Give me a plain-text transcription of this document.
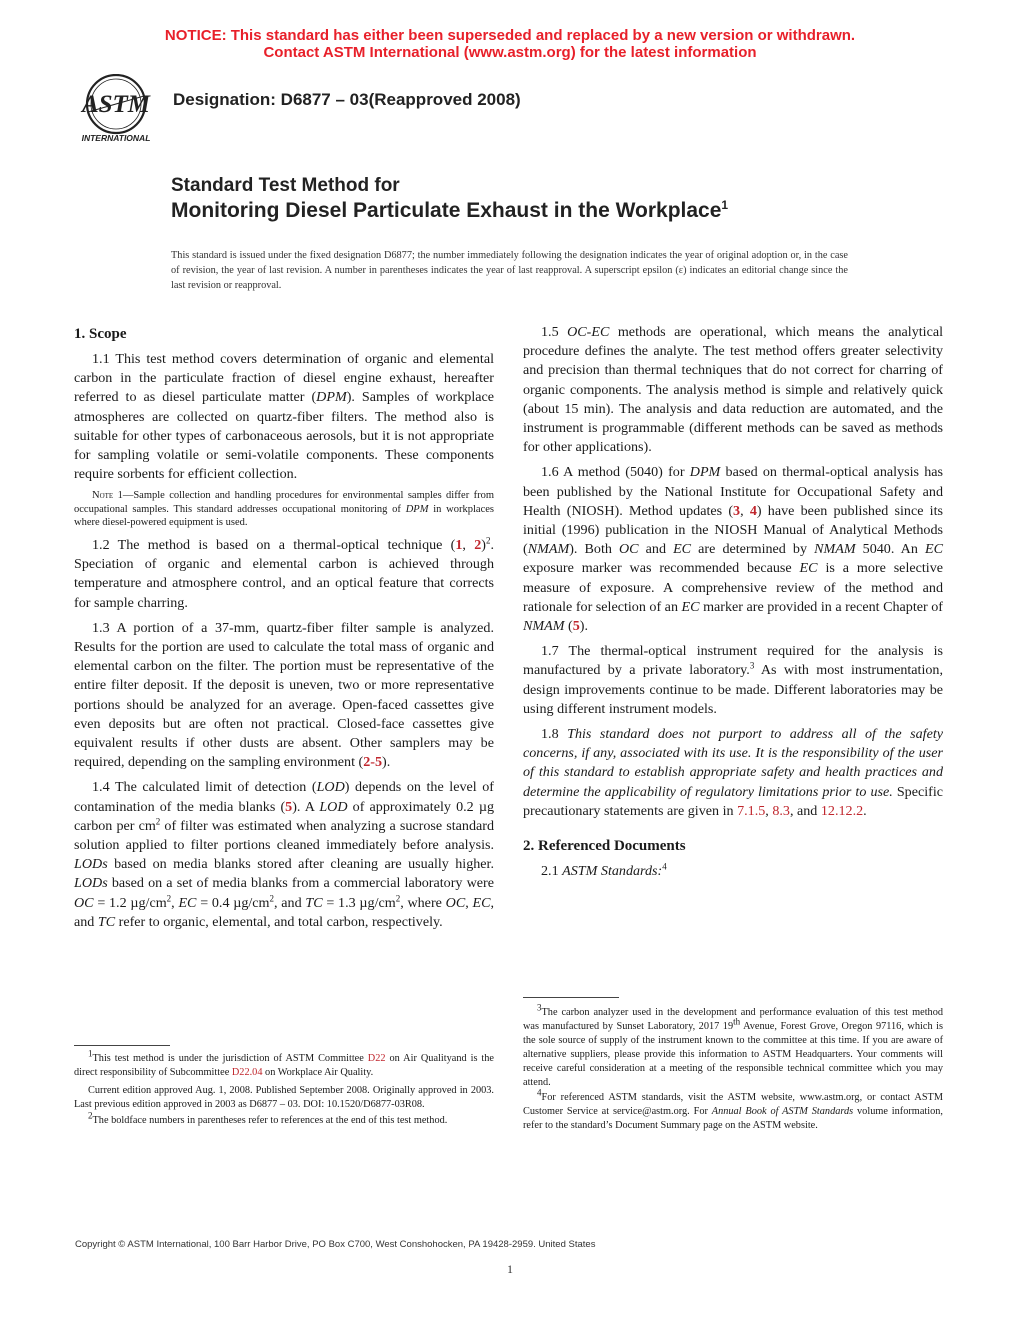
NOTICE: This standard has either been superseded and replaced by a new version or withdrawn.
Contact ASTM International (www.astm.org) for the latest information
ASTM
INTERNATIONAL
Designation: D6877 – 03(Reapproved 2008)
Standard Test Method for
Monitoring Diesel Particulate Exhaust in the Workplace$^1$
This standard is issued under the fixed designation D6877; the number immediately following the designation indicates the year of original adoption or, in the case of revision, the year of last revision. A number in parentheses indicates the year of last reapproval. A superscript epsilon (ε) indicates an editorial change since the last revision or reapproval.
1. Scope

1.1 This test method covers determination of organic and elemental carbon in the particulate fraction of diesel engine exhaust, hereafter referred to as diesel particulate matter (DPM). Samples of workplace atmospheres are collected on quartz-fiber filters. The method also is suitable for other types of carbonaceous aerosols, but it is not appropriate for sampling volatile or semi-volatile components. These components require sorbents for efficient collection.

Note 1—Sample collection and handling procedures for environmental samples differ from occupational samples. This standard addresses occupational monitoring of DPM in workplaces where diesel-powered equipment is used.

1.2 The method is based on a thermal-optical technique (1, 2)$^2$. Speciation of organic and elemental carbon is achieved through temperature and atmosphere control, and an optical feature that corrects for sample charring.

1.3 A portion of a 37-mm, quartz-fiber filter sample is analyzed. Results for the portion are used to calculate the total mass of organic and elemental carbon on the filter. The portion must be representative of the entire filter deposit. If the deposit is uneven, two or more representative portions should be analyzed for an average. Open-faced cassettes give even deposits but are often not practical. Closed-face cassettes give equivalent results if other dusts are absent. Other samplers may be required, depending on the sampling environment (2-5).

1.4 The calculated limit of detection (LOD) depends on the level of contamination of the media blanks (5). A LOD of approximately 0.2 µg carbon per $cm^2$ of filter was estimated when analyzing a sucrose standard solution applied to filter portions cleaned immediately before analysis. LODs based on media blanks stored after cleaning are usually higher. LODs based on a set of media blanks from a commercial laboratory were OC = 1.2 $\mu g/cm^2$, EC = 0.4 $\mu g/cm^2$, and TC = 1.3 $\mu g/cm^2$, where OC, EC, and TC refer to organic, elemental, and total carbon, respectively.

$^1$This test method is under the jurisdiction of ASTM Committee D22 on Air Qualityand is the direct responsibility of Subcommittee D22.04 on Workplace Air Quality.

Current edition approved Aug. 1, 2008. Published September 2008. Originally approved in 2003. Last previous edition approved in 2003 as D6877 – 03. DOI: 10.1520/D6877-03R08.

$^2$The boldface numbers in parentheses refer to references at the end of this test method.

1.5 OC-EC methods are operational, which means the analytical procedure defines the analyte. The test method offers greater selectivity and precision than thermal techniques that do not correct for charring of organic components. The analysis method is simple and relatively quick (about 15 min). The analysis and data reduction are automated, and the instrument is programmable (different methods can be saved as methods for other applications).

1.6 A method (5040) for DPM based on thermal-optical analysis has been published by the National Institute for Occupational Safety and Health (NIOSH). Method updates (3, 4) have been published since its initial (1996) publication in the NIOSH Manual of Analytical Methods (NMAM). Both OC and EC are determined by NMAM 5040. An EC exposure marker was recommended because EC is a more selective measure of exposure. A comprehensive review of the method and rationale for selection of an EC marker are provided in a recent Chapter of NMAM (5).

1.7 The thermal-optical instrument required for the analysis is manufactured by a private laboratory.$^3$ As with most instrumentation, design improvements continue to be made. Different laboratories may be using different instrument models.

1.8 This standard does not purport to address all of the safety concerns, if any, associated with its use. It is the responsibility of the user of this standard to establish appropriate safety and health practices and determine the applicability of regulatory limitations prior to use. Specific precautionary statements are given in 7.1.5, 8.3, and 12.12.2.

2. Referenced Documents

2.1 ASTM Standards:$^4$

$^3$The carbon analyzer used in the development and performance evaluation of this test method was manufactured by Sunset Laboratory, 2017 19th Avenue, Forest Grove, Oregon 97116, which is the sole source of supply of the instrument known to the committee at this time. If you are aware of alternative suppliers, please provide this information to ASTM Headquarters. Your comments will receive careful consideration at a meeting of the responsible technical committee which you may attend.

$^4$For referenced ASTM standards, visit the ASTM website, www.astm.org, or contact ASTM Customer Service at service@astm.org. For Annual Book of ASTM Standards volume information, refer to the standard’s Document Summary page on the ASTM website.

Copyright © ASTM International, 100 Barr Harbor Drive, PO Box C700, West Conshohocken, PA 19428-2959. United States
1
